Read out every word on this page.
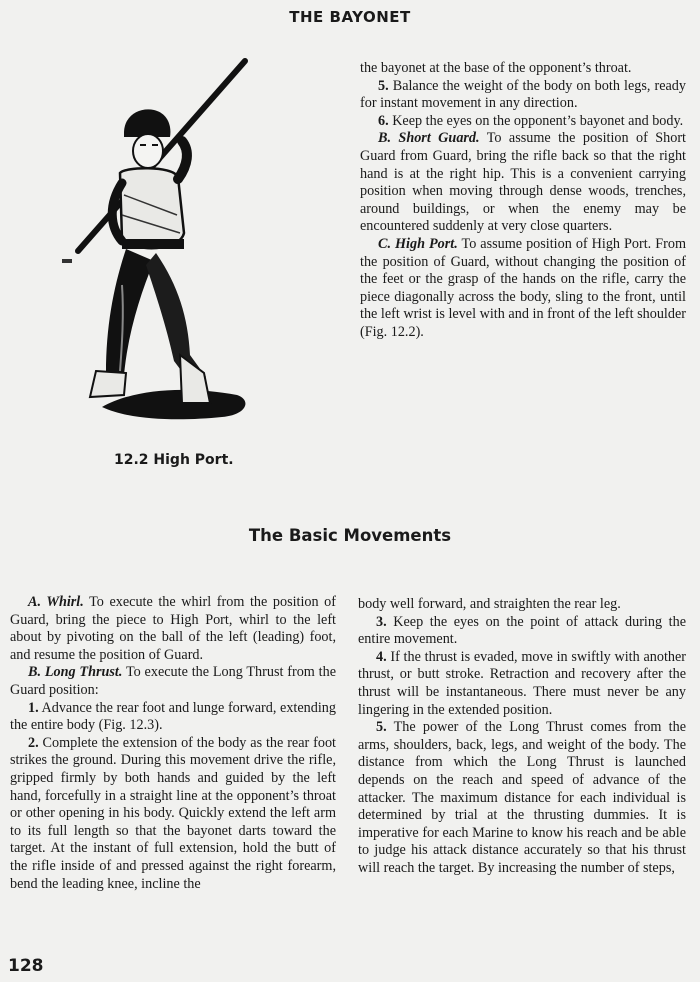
THE BAYONET
12.2 High Port.

the bayonet at the base of the opponent’s throat.

5. Balance the weight of the body on both legs, ready for instant movement in any direction.

6. Keep the eyes on the opponent’s bayonet and body.

B. Short Guard. To assume the position of Short Guard from Guard, bring the rifle back so that the right hand is at the right hip. This is a convenient carrying position when moving through dense woods, trenches, around buildings, or when the enemy may be encountered suddenly at very close quarters.

C. High Port. To assume position of High Port. From the position of Guard, without changing the position of the feet or the grasp of the hands on the rifle, carry the piece diagonally across the body, sling to the front, until the left wrist is level with and in front of the left shoulder (Fig. 12.2).

The Basic Movements

A. Whirl. To execute the whirl from the position of Guard, bring the piece to High Port, whirl to the left about by pivoting on the ball of the left (leading) foot, and resume the position of Guard.

B. Long Thrust. To execute the Long Thrust from the Guard position:

1. Advance the rear foot and lunge forward, extending the entire body (Fig. 12.3).

2. Complete the extension of the body as the rear foot strikes the ground. During this movement drive the rifle, gripped firmly by both hands and guided by the left hand, forcefully in a straight line at the opponent’s throat or other opening in his body. Quickly extend the left arm to its full length so that the bayonet darts toward the target. At the instant of full extension, hold the butt of the rifle inside of and pressed against the right forearm, bend the leading knee, incline the

body well forward, and straighten the rear leg.

3. Keep the eyes on the point of attack during the entire movement.

4. If the thrust is evaded, move in swiftly with another thrust, or butt stroke. Retraction and recovery after the thrust will be instantaneous. There must never be any lingering in the extended position.

5. The power of the Long Thrust comes from the arms, shoulders, back, legs, and weight of the body. The distance from which the Long Thrust is launched depends on the reach and speed of advance of the attacker. The maximum distance for each individual is determined by trial at the thrusting dummies. It is imperative for each Marine to know his reach and be able to judge his attack distance accurately so that his thrust will reach the target. By increasing the number of steps,

128
